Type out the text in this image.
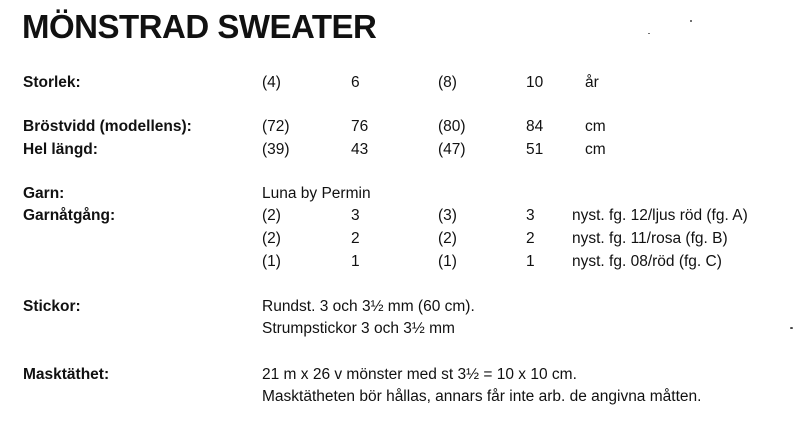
MÖNSTRAD SWEATER
Storlek:	(4)	6	(8)	10	år
Bröstvidd (modellens):	(72)	76	(80)	84	cm
Hel längd:	(39)	43	(47)	51	cm
Garn:	Luna by Permin
Garnåtgång:	(2)	3	(3)	3 nyst. fg. 12/ljus röd (fg. A)
(2)	2	(2)	2 nyst. fg. 11/rosa (fg. B)
(1)	1	(1)	1 nyst. fg. 08/röd (fg. C)
Stickor:	Rundst. 3 och 3½ mm (60 cm).
Strumpstickor 3 och 3½ mm
Masktäthet:	21 m x 26 v mönster med st 3½ = 10 x 10 cm.
Masktätheten bör hållas, annars får inte arb. de angivna måtten.
